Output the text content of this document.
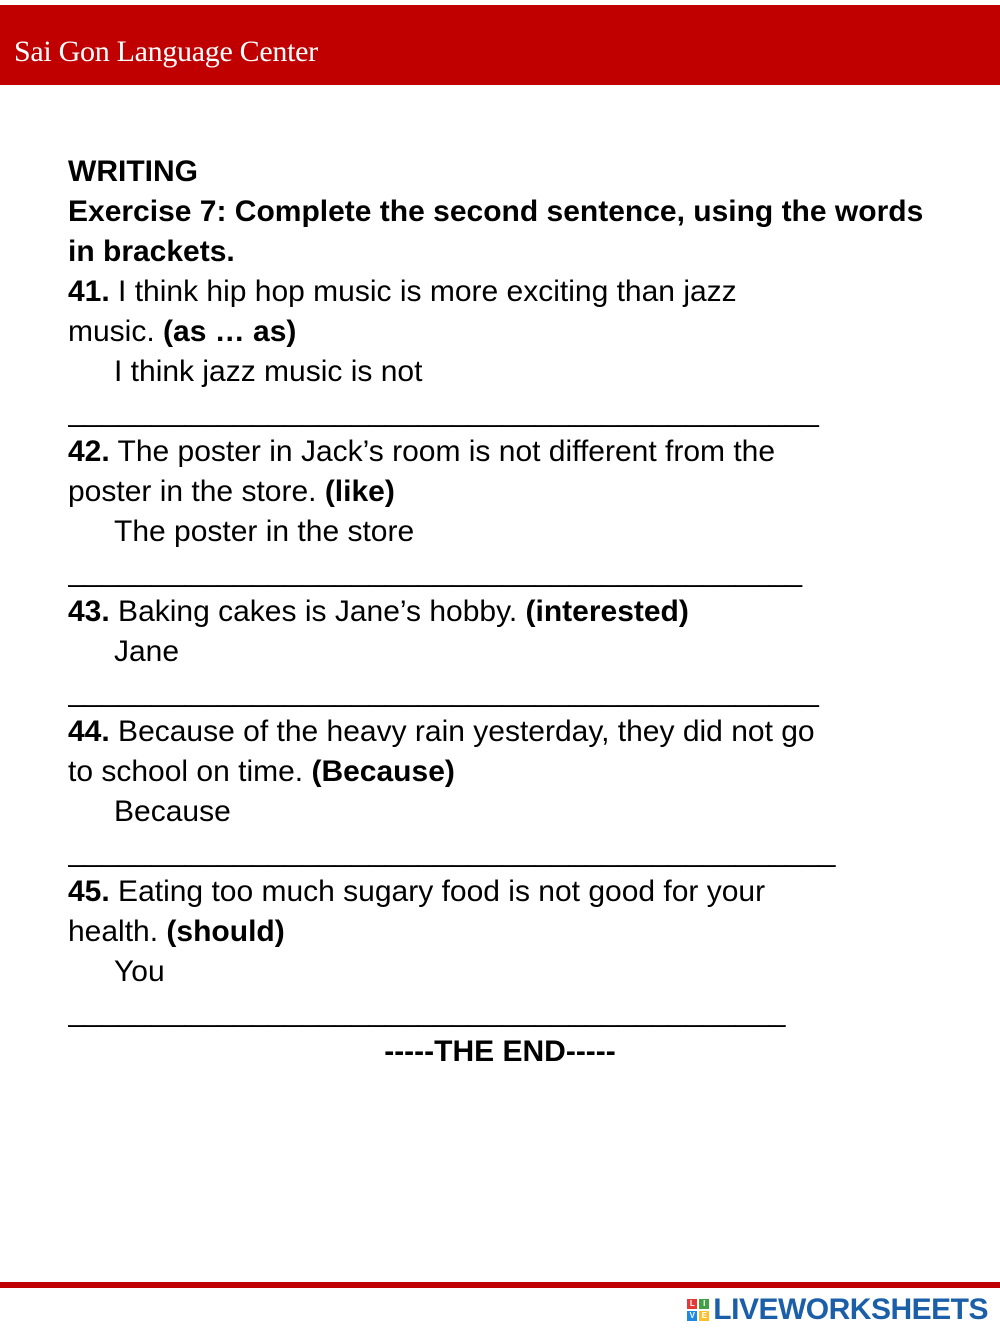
Sai Gon Language Center
WRITING
Exercise 7: Complete the second sentence, using the words in brackets.
41. I think hip hop music is more exciting than jazz
music. (as … as)
I think jazz music is not
_____________________________________________
42. The poster in Jack’s room is not different from the
poster in the store. (like)
The poster in the store
____________________________________________
43. Baking cakes is Jane’s hobby. (interested)
Jane
_____________________________________________
44. Because of the heavy rain yesterday, they did not go
to school on time. (Because)
Because
______________________________________________
45. Eating too much sugary food is not good for your
health. (should)
You
___________________________________________
-----THE END-----
L	I
V E LIVEWORKSHEETS
